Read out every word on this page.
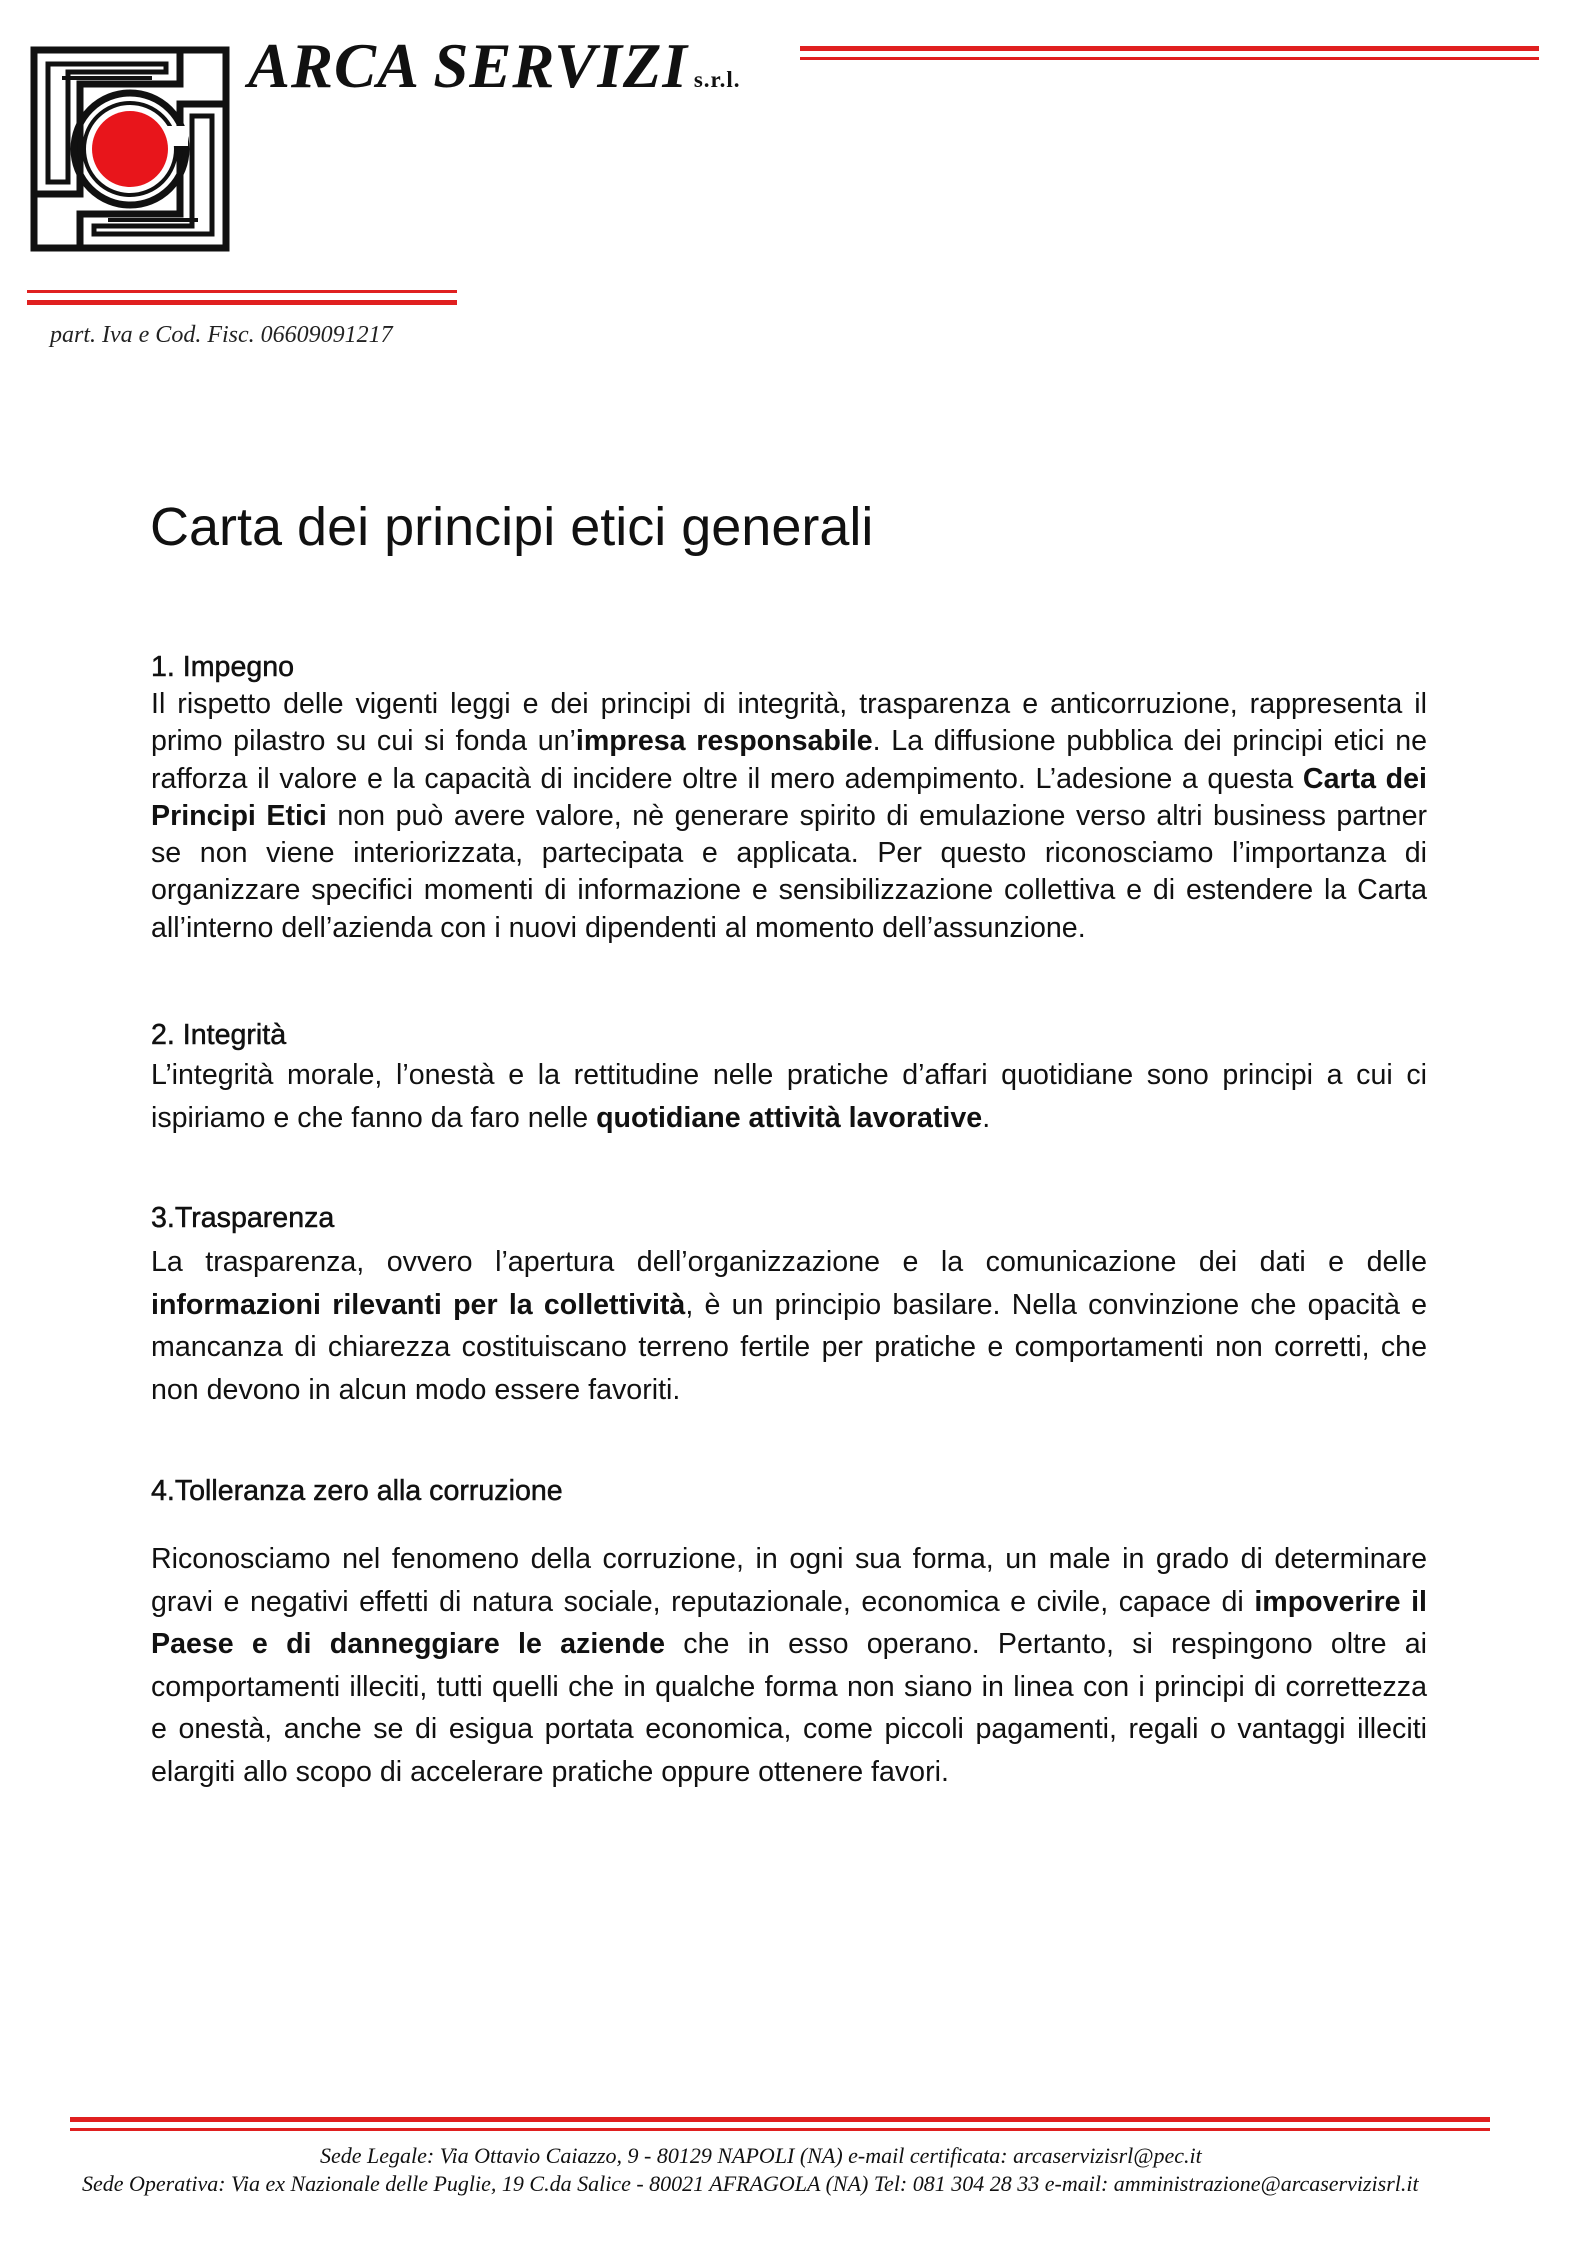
ARCA SERVIZI s.r.l.
part. Iva e Cod. Fisc. 06609091217
Carta dei principi etici generali
1. Impegno

Il rispetto delle vigenti leggi e dei principi di integrità, trasparenza e anticorruzione, rappresenta il primo pilastro su cui si fonda un’impresa responsabile. La diffusione pubblica dei principi etici ne rafforza il valore e la capacità di incidere oltre il mero adempimento. L’adesione a questa Carta dei Principi Etici non può avere valore, nè generare spirito di emulazione verso altri business partner se non viene interiorizzata, partecipata e applicata. Per questo riconosciamo l’importanza di organizzare specifici momenti di informazione e sensibilizzazione collettiva e di estendere la Carta all’interno dell’azienda con i nuovi dipendenti al momento dell’assunzione.

2. Integrità

L’integrità morale, l’onestà e la rettitudine nelle pratiche d’affari quotidiane sono principi a cui ci ispiriamo e che fanno da faro nelle quotidiane attività lavorative.

3.Trasparenza

La trasparenza, ovvero l’apertura dell’organizzazione e la comunicazione dei dati e delle informazioni rilevanti per la collettività, è un principio basilare. Nella convinzione che opacità e mancanza di chiarezza costituiscano terreno fertile per pratiche e comportamenti non corretti, che non devono in alcun modo essere favoriti.

4.Tolleranza zero alla corruzione

Riconosciamo nel fenomeno della corruzione, in ogni sua forma, un male in grado di determinare gravi e negativi effetti di natura sociale, reputazionale, economica e civile, capace di impoverire il Paese e di danneggiare le aziende che in esso operano. Pertanto, si respingono oltre ai comportamenti illeciti, tutti quelli che in qualche forma non siano in linea con i principi di correttezza e onestà, anche se di esigua portata economica, come piccoli pagamenti, regali o vantaggi illeciti elargiti allo scopo di accelerare pratiche oppure ottenere favori.

Sede Legale: Via Ottavio Caiazzo, 9 - 80129 NAPOLI (NA) e-mail certificata: arcaservizisrl@pec.it
Sede Operativa: Via ex Nazionale delle Puglie, 19 C.da Salice - 80021 AFRAGOLA (NA) Tel: 081 304 28 33 e-mail: amministrazione@arcaservizisrl.it
